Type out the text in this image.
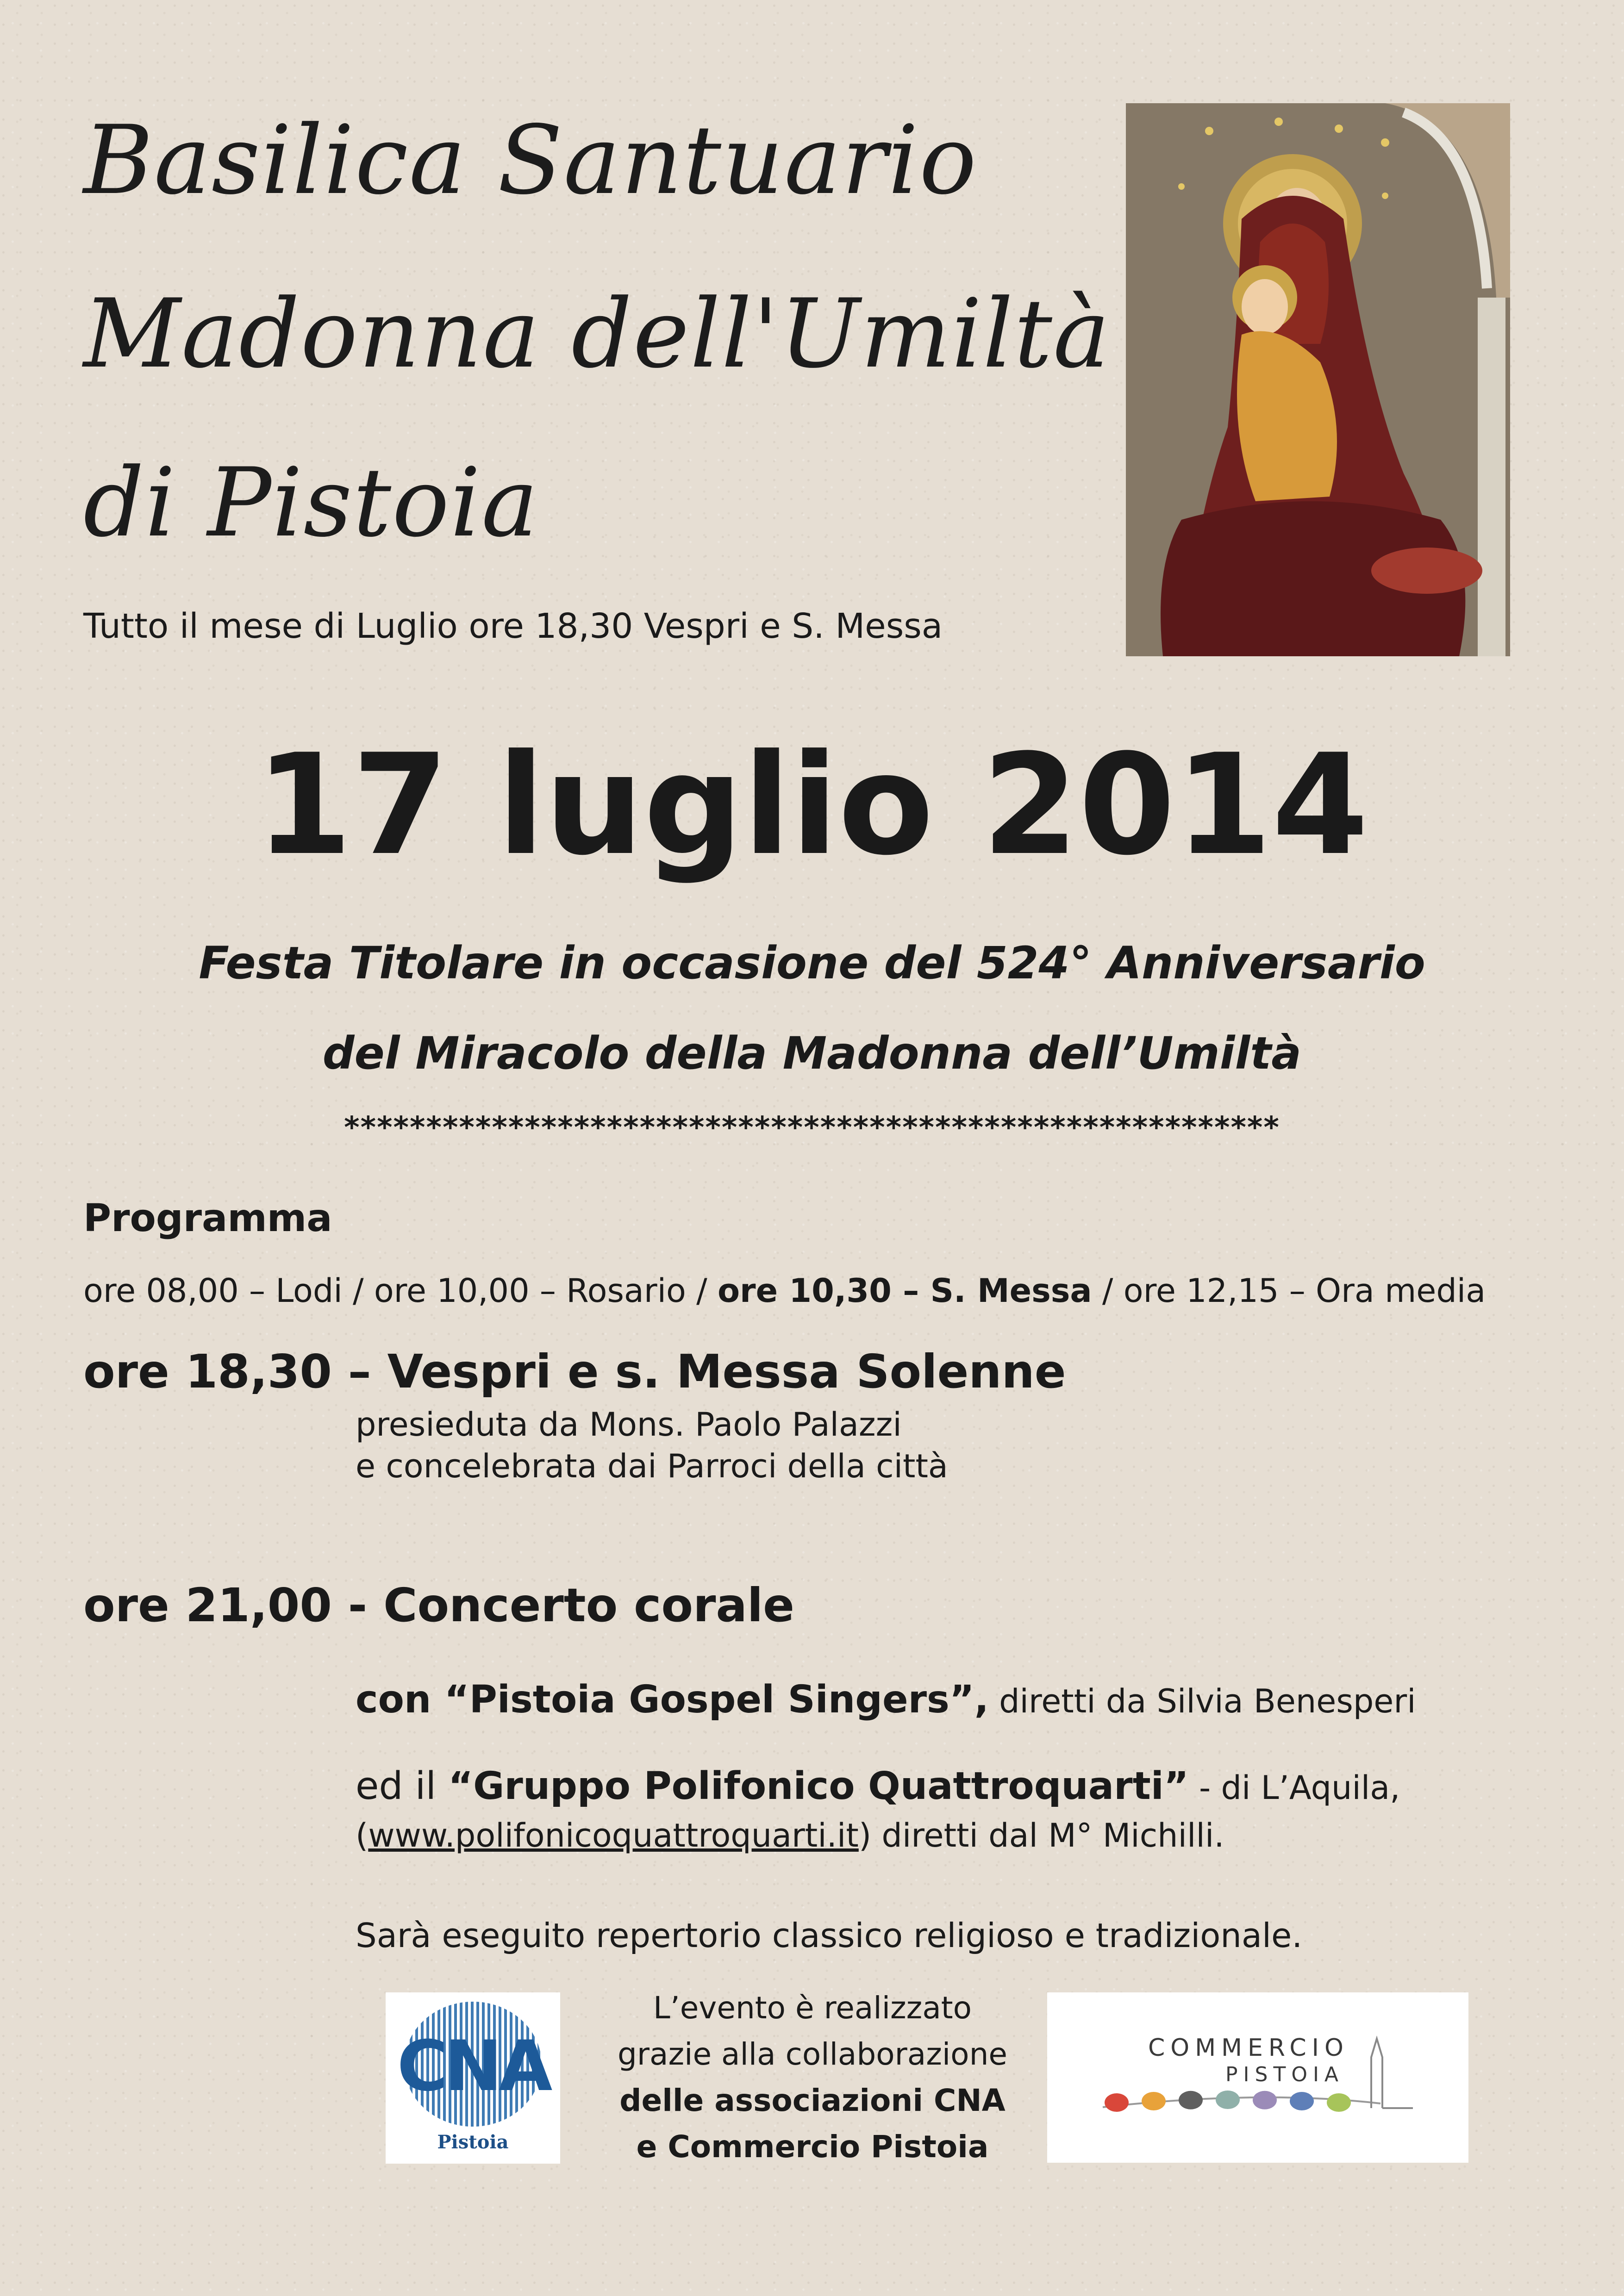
Basilica Santuario
Madonna dell'Umiltà
di Pistoia
Tutto il mese di Luglio ore 18,30 Vespri e S. Messa
17 luglio 2014
Festa Titolare in occasione del 524° Anniversario
del Miracolo della Madonna dell’Umiltà
*********************************************************
Programma
ore 08,00 – Lodi / ore 10,00 – Rosario / ore 10,30 – S. Messa / ore 12,15 – Ora media
ore 18,30 – Vespri e s. Messa Solenne
presieduta da Mons. Paolo Palazzi
e concelebrata dai Parroci della città
ore 21,00 - Concerto corale
con “Pistoia Gospel Singers”, diretti da Silvia Benesperi
ed il “Gruppo Polifonico Quattroquarti” - di L’Aquila,
(www.polifonicoquattroquarti.it) diretti dal M° Michilli.
Sarà eseguito repertorio classico religioso e tradizionale.
CNA
Pistoia
L’evento è realizzato
grazie alla collaborazione
delle associazioni CNA
e Commercio Pistoia
COMMERCIO
PISTOIA
